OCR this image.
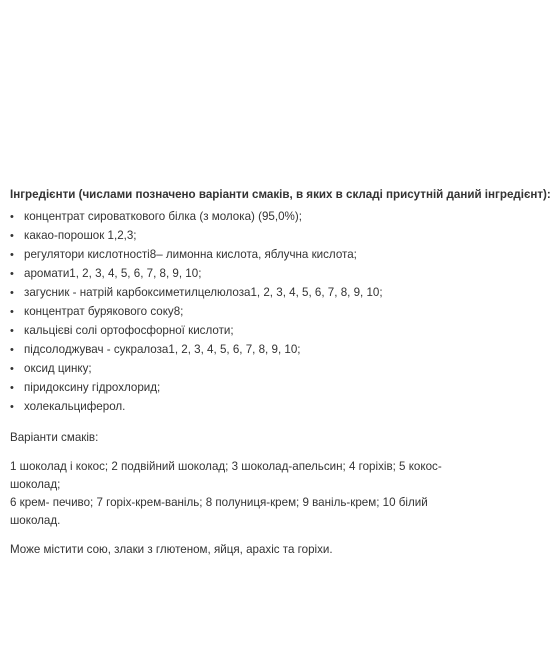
Інгредієнти (числами позначено варіанти смаків, в яких в складі присутній даний інгредієнт):

• концентрат сироваткового білка (з молока) (95,0%);
• какао-порошок 1,2,3;
• регулятори кислотності8– лимонна кислота, яблучна кислота;
• аромати1, 2, 3, 4, 5, 6, 7, 8, 9, 10;
• загусник - натрій карбоксиметилцелюлоза1, 2, 3, 4, 5, 6, 7, 8, 9, 10;
• концентрат бурякового соку8;
• кальцієві солі ортофосфорної кислоти;
• підсолоджувач - сукралоза1, 2, 3, 4, 5, 6, 7, 8, 9, 10;
• оксид цинку;
• піридоксину гідрохлорид;
• холекальциферол.

Варіанти смаків:

1 шоколад і кокос; 2 подвійний шоколад; 3 шоколад-апельсин; 4 горіхів; 5 кокос-шоколад;
6 крем- печиво; 7 горіх-крем-ваніль; 8 полуниця-крем; 9 ваніль-крем; 10 білий шоколад.

Може містити сою, злаки з глютеном, яйця, арахіс та горіхи.
